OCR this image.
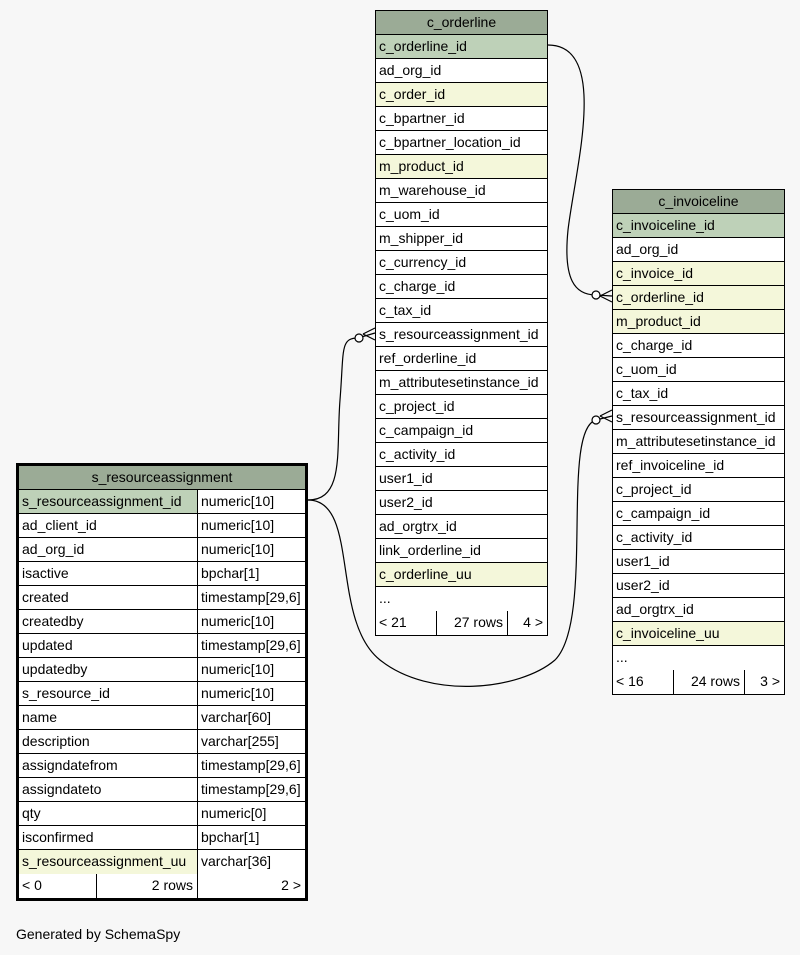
c_orderline
c_orderline_id
ad_org_id
c_order_id
c_bpartner_id
c_bpartner_location_id
m_product_id
m_warehouse_id
c_uom_id
m_shipper_id
c_currency_id
c_charge_id
c_tax_id
s_resourceassignment_id
ref_orderline_id
m_attributesetinstance_id
c_project_id
c_campaign_id
c_activity_id
user1_id
user2_id
ad_orgtrx_id
link_orderline_id
c_orderline_uu
...
< 21	27 rows	4 >
c_invoiceline
c_invoiceline_id
ad_org_id
c_invoice_id
c_orderline_id
m_product_id
c_charge_id
c_uom_id
c_tax_id
s_resourceassignment_id
m_attributesetinstance_id
ref_invoiceline_id
c_project_id
c_campaign_id
c_activity_id
user1_id
user2_id
ad_orgtrx_id
c_invoiceline_uu
...
< 16	24 rows	3 >
s_resourceassignment
s_resourceassignment_id	numeric[10]
ad_client_id	numeric[10]
ad_org_id	numeric[10]
isactive	bpchar[1]
created	timestamp[29,6]
createdby	numeric[10]
updated	timestamp[29,6]
updatedby	numeric[10]
s_resource_id	numeric[10]
name	varchar[60]
description	varchar[255]
assigndatefrom	timestamp[29,6]
assigndateto	timestamp[29,6]
qty	numeric[0]
isconfirmed	bpchar[1]
s_resourceassignment_uu	varchar[36]
< 0	2 rows	2 >
Generated by SchemaSpy
